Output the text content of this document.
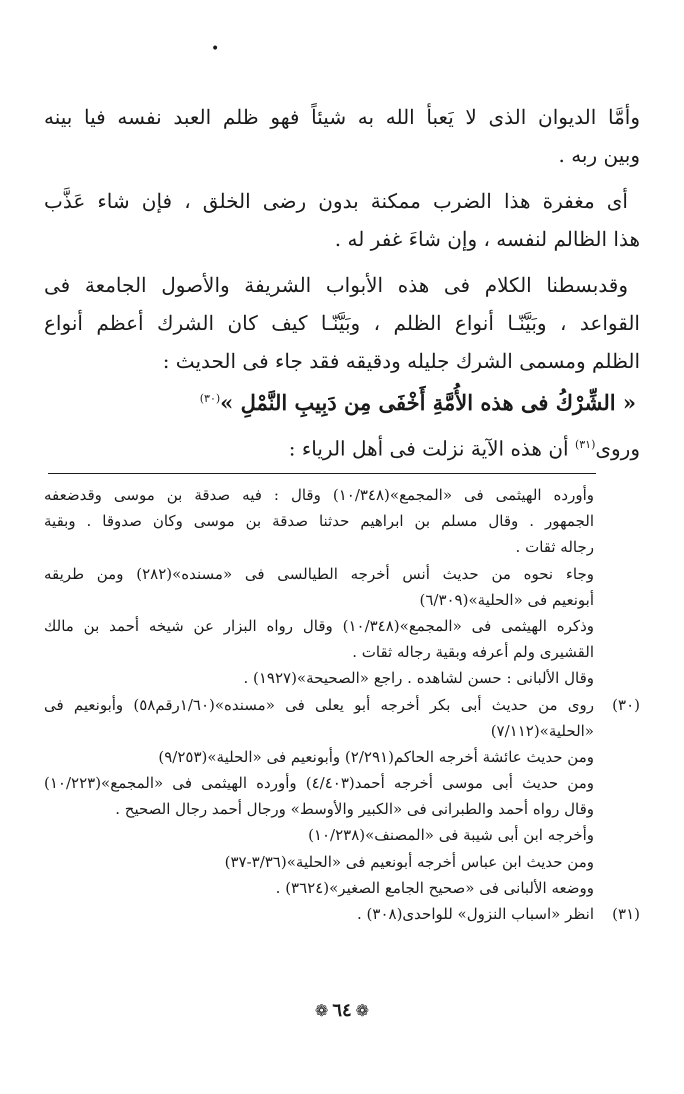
•
وأمَّا الديوان الذى لا يَعبأ الله به شيئاً فهو ظلم العبد نفسه فيا بينه
وبين ربه .
أى مغفرة هذا الضرب ممكنة بدون رضى الخلق ، فإن شاء عَذَّب
هذا الظالم لنفسه ، وإن شاءَ غفر له .
وقدبسطنا الكلام فى هذه الأبواب الشريفة والأصول الجامعة فى
القواعد ، وبَيَّنّـا أنواع الظلم ، وبَيَّنّـا كيف كان الشرك أعظم أنواع
الظلم ومسمى الشرك جليله ودقيقه فقد جاء فى الحديث :
« الشِّرْكُ فى هذه الأُمَّةِ أَخْفَى مِن دَبِيبِ النَّمْلِ »$^{(٣٠)}$
وروى$^{(٣١)}$ أن هذه الآية نزلت فى أهل الرياء :
وأورده الهيثمى فى «المجمع»(١٠/٣٤٨) وقال : فيه صدقة بن موسى وقدضعفه
الجمهور . وقال مسلم بن ابراهيم حدثنا صدقة بن موسى وكان صدوقا . وبقية
رجاله ثقات .
وجاء نحوه من حديث أنس أخرجه الطيالسى فى «مسنده»(٢٨٢) ومن طريقه
أبونعيم فى «الحلية»(٦/٣٠٩)
وذكره الهيثمى فى «المجمع»(١٠/٣٤٨) وقال رواه البزار عن شيخه أحمد بن مالك
القشيرى ولم أعرفه وبقية رجاله ثقات .
وقال الألبانى : حسن لشاهده . راجع «الصحيحة»(١٩٢٧) .
(٣٠)
روى من حديث أبى بكر أخرجه أبو يعلى فى «مسنده»(١/٦٠رقم٥٨) وأبونعيم فى
«الحلية»(٧/١١٢)
ومن حديث عائشة أخرجه الحاكم(٢/٢٩١) وأبونعيم فى «الحلية»(٩/٢٥٣)
ومن حديث أبى موسى أخرجه أحمد(٤/٤٠٣) وأورده الهيثمى فى «المجمع»(١٠/٢٢٣)
وقال رواه أحمد والطبرانى فى «الكبير والأوسط» ورجال أحمد رجال الصحيح .
وأخرجه ابن أبى شيبة فى «المصنف»(١٠/٢٣٨)
ومن حديث ابن عباس أخرجه أبونعيم فى «الحلية»(٣/٣٦-٣٧)
ووضعه الألبانى فى «صحيح الجامع الصغير»(٣٦٢٤) .
(٣١)
انظر «اسباب النزول» للواحدى(٣٠٨) .
❁٦٤❁
